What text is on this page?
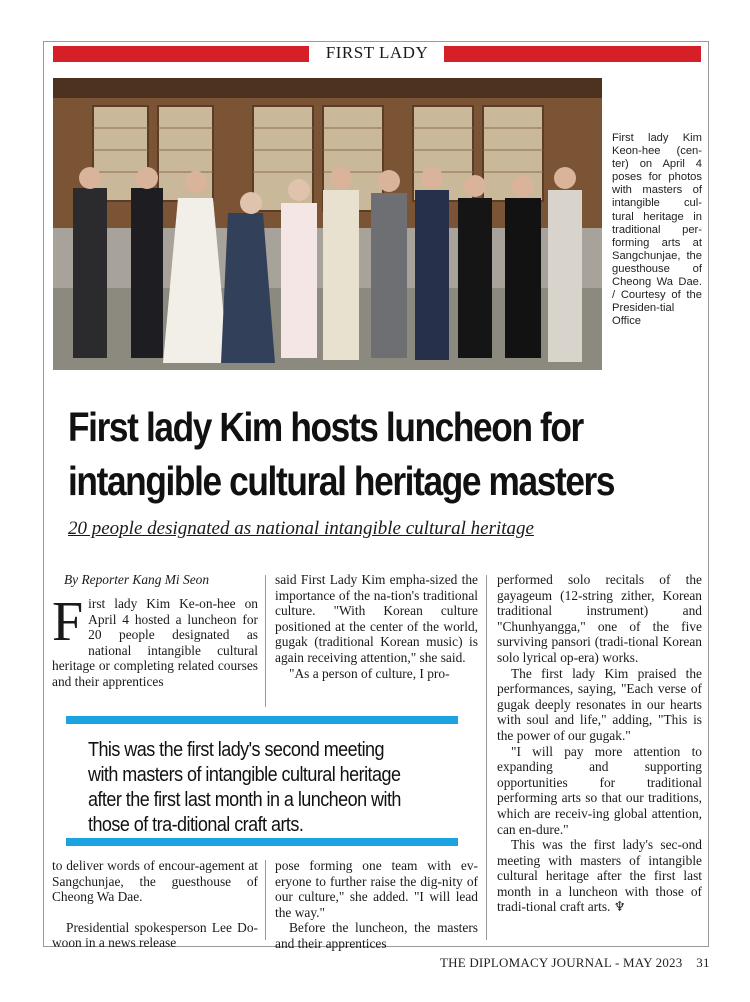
FIRST LADY
First lady Kim Keon-hee (cen-ter) on April 4 poses for photos with masters of intangible cul-tural heritage in traditional per-forming arts at Sangchunjae, the guesthouse of Cheong Wa Dae. / Courtesy of the Presiden-tial Office
First lady Kim hosts luncheon for
intangible cultural heritage masters
20 people designated as national intangible cultural heritage
By Reporter Kang Mi Seon
F irst lady Kim Ke-on-hee on April 4 hosted a luncheon for 20 people designated as national intangible cultural heritage or completing related courses and their apprentices

said First Lady Kim empha-sized the importance of the na-tion's traditional culture. "With Korean culture positioned at the center of the world, gugak (traditional Korean music) is again receiving attention," she said.

"As a person of culture, I pro-

performed solo recitals of the gayageum (12-string zither, Korean traditional instrument) and "Chunhyangga," one of the five surviving pansori (tradi-tional Korean solo lyrical op-era) works.

The first lady Kim praised the performances, saying, "Each verse of gugak deeply resonates in our hearts with soul and life," adding, "This is the power of our gugak."

"I will pay more attention to expanding and supporting opportunities for traditional performing arts so that our traditions, which are receiv-ing global attention, can en-dure."

This was the first lady's sec-ond meeting with masters of intangible cultural heritage after the first last month in a luncheon with those of tradi-tional craft arts. ♆

This was the first lady's second meeting with masters of intangible cultural heritage after the first last month in a luncheon with those of tra-ditional craft arts.

to deliver words of encour-agement at Sangchunjae, the guesthouse of Cheong Wa Dae.

Presidential spokesperson Lee Do-woon in a news release

pose forming one team with ev-eryone to further raise the dig-nity of our culture," she added. "I will lead the way."

Before the luncheon, the masters and their apprentices

THE DIPLOMACY JOURNAL - MAY 2023    31
